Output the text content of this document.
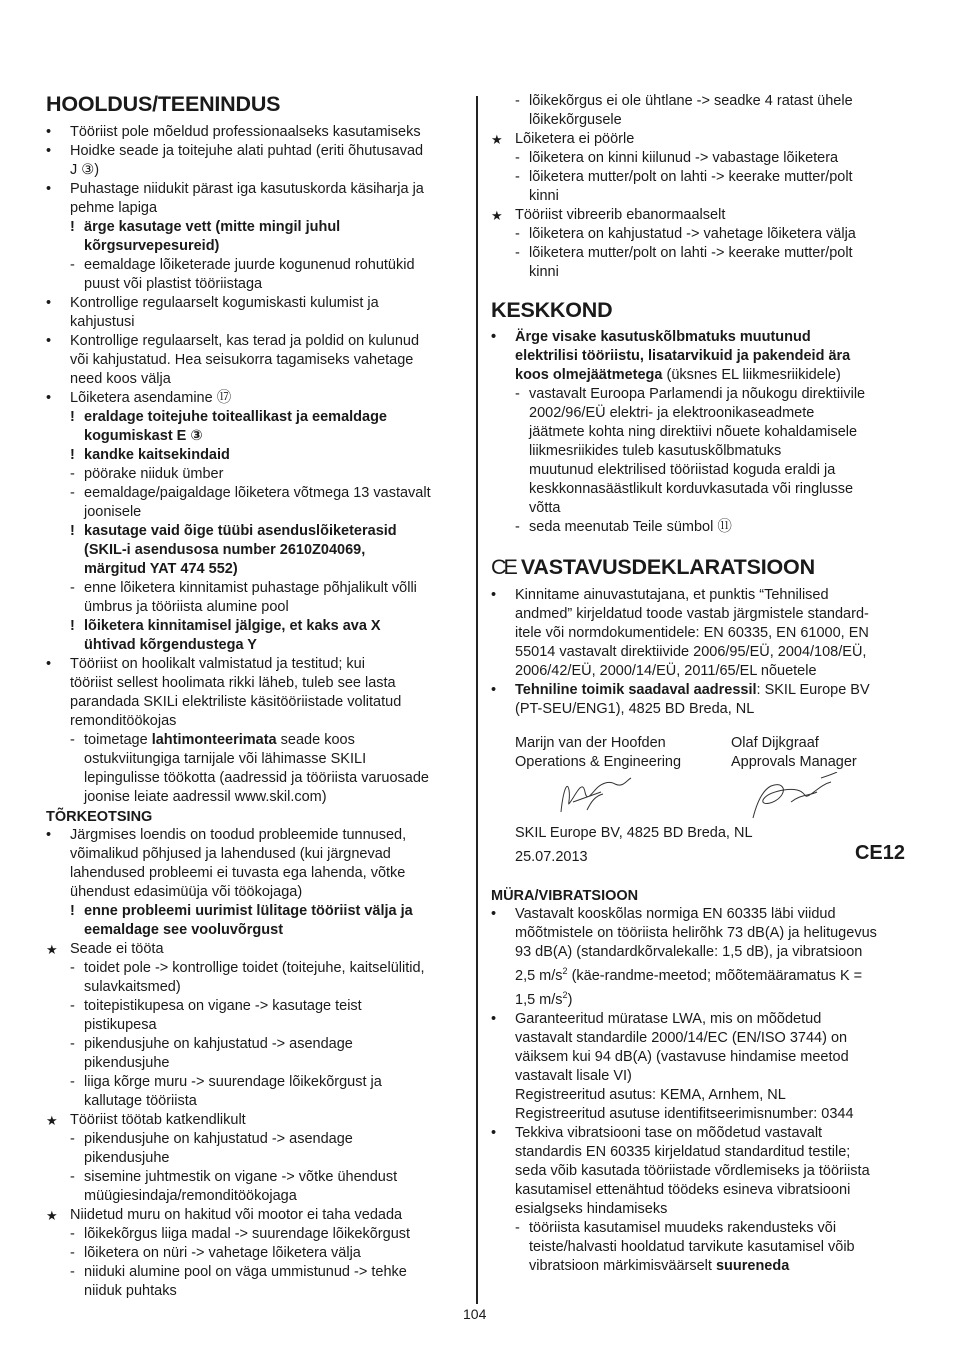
HOOLDUS/TEENINDUS
• Tööriist pole mõeldud professionaalseks kasutamiseks
• Hoidke seade ja toitejuhe alati puhtad (eriti õhutusavad
J ③)
• Puhastage niidukit pärast iga kasutuskorda käsiharja ja
pehme lapiga
! ärge kasutage vett (mitte mingil juhul
kõrgsurvepesureid)
- eemaldage lõiketerade juurde kogunenud rohutükid
puust või plastist tööriistaga
• Kontrollige regulaarselt kogumiskasti kulumist ja
kahjustusi
• Kontrollige regulaarselt, kas terad ja poldid on kulunud
või kahjustatud. Hea seisukorra tagamiseks vahetage
need koos välja
• Lõiketera asendamine ⑰
! eraldage toitejuhe toiteallikast ja eemaldage
kogumiskast E ③
! kandke kaitsekindaid
- pöörake niiduk ümber
- eemaldage/paigaldage lõiketera võtmega 13 vastavalt
joonisele
! kasutage vaid õige tüübi asenduslõiketerasid
(SKIL-i asendusosa number 2610Z04069,
märgitud YAT 474 552)
- enne lõiketera kinnitamist puhastage põhjalikult võlli
ümbrus ja tööriista alumine pool
! lõiketera kinnitamisel jälgige, et kaks ava X
ühtivad kõrgendustega Y
• Tööriist on hoolikalt valmistatud ja testitud; kui
tööriist sellest hoolimata rikki läheb, tuleb see lasta
parandada SKILi elektriliste käsitööriistade volitatud
remonditöökojas
- toimetage lahtimonteerimata seade koos
ostukviitungiga tarnijale või lähimasse SKILI
lepingulisse töökotta (aadressid ja tööriista varuosade
joonise leiate aadressil www.skil.com)
TÕRKEOTSING
• Järgmises loendis on toodud probleemide tunnused,
võimalikud põhjused ja lahendused (kui järgnevad
lahendused probleemi ei tuvasta ega lahenda, võtke
ühendust edasimüüja või töökojaga)
! enne probleemi uurimist lülitage tööriist välja ja
eemaldage see vooluvõrgust
★ Seade ei tööta
- toidet pole -> kontrollige toidet (toitejuhe, kaitselülitid,
sulavkaitsmed)
- toitepistikupesa on vigane -> kasutage teist
pistikupesa
- pikendusjuhe on kahjustatud -> asendage
pikendusjuhe
- liiga kõrge muru -> suurendage lõikekõrgust ja
kallutage tööriista
★ Tööriist töötab katkendlikult
- pikendusjuhe on kahjustatud -> asendage
pikendusjuhe
- sisemine juhtmestik on vigane -> võtke ühendust
müügiesindaja/remonditöökojaga
★ Niidetud muru on hakitud või mootor ei taha vedada
- lõikekõrgus liiga madal -> suurendage lõikekõrgust
- lõiketera on nüri -> vahetage lõiketera välja
- niiduki alumine pool on väga ummistunud -> tehke
niiduk puhtaks
- lõikekõrgus ei ole ühtlane -> seadke 4 ratast ühele
lõikekõrgusele
★ Lõiketera ei pöörle
- lõiketera on kinni kiilunud -> vabastage lõiketera
- lõiketera mutter/polt on lahti -> keerake mutter/polt
kinni
★ Tööriist vibreerib ebanormaalselt
- lõiketera on kahjustatud -> vahetage lõiketera välja
- lõiketera mutter/polt on lahti -> keerake mutter/polt
kinni
KESKKOND
• Ärge visake kasutuskõlbmatuks muutunud
elektrilisi tööriistu, lisatarvikuid ja pakendeid ära
koos olmejäätmetega (üksnes EL liikmesriikidele)
- vastavalt Euroopa Parlamendi ja nõukogu direktiivile
2002/96/EÜ elektri- ja elektroonikaseadmete
jäätmete kohta ning direktiivi nõuete kohaldamisele
liikmesriikides tuleb kasutuskõlbmatuks
muutunud elektrilised tööriistad koguda eraldi ja
keskkonnasäästlikult korduvkasutada või ringlusse
võtta
- seda meenutab Teile sümbol ⑪
CE VASTAVUSDEKLARATSIOON
• Kinnitame ainuvastutajana, et punktis “Tehnilised
andmed” kirjeldatud toode vastab järgmistele standard-
itele või normdokumentidele: EN 60335, EN 61000, EN
55014 vastavalt direktiivide 2006/95/EÜ, 2004/108/EÜ,
2006/42/EÜ, 2000/14/EÜ, 2011/65/EL nõuetele
• Tehniline toimik saadaval aadressil: SKIL Europe BV
(PT-SEU/ENG1), 4825 BD Breda, NL
Marijn van der Hoofden	Olaf Dijkgraaf
Operations & Engineering	Approvals Manager
SKIL Europe BV, 4825 BD Breda, NL
25.07.2013	CE12
MÜRA/VIBRATSIOON
• Vastavalt kooskõlas normiga EN 60335 läbi viidud
mõõtmistele on tööriista helirõhk 73 dB(A) ja helitugevus
93 dB(A) (standardkõrvalekalle: 1,5 dB), ja vibratsioon
2,5 $m/s^2$ (käe-randme-meetod; mõõtemääramatus K =
1,5 $m/s^2$)
• Garanteeritud müratase LWA, mis on mõõdetud
vastavalt standardile 2000/14/EC (EN/ISO 3744) on
väiksem kui 94 dB(A) (vastavuse hindamise meetod
vastavalt lisale VI)
Registreeritud asutus: KEMA, Arnhem, NL
Registreeritud asutuse identifitseerimisnumber: 0344
• Tekkiva vibratsiooni tase on mõõdetud vastavalt
standardis EN 60335 kirjeldatud standarditud testile;
seda võib kasutada tööriistade võrdlemiseks ja tööriista
kasutamisel ettenähtud töödeks esineva vibratsiooni
esialgseks hindamiseks
- tööriista kasutamisel muudeks rakendusteks või
teiste/halvasti hooldatud tarvikute kasutamisel võib
vibratsioon märkimisväärselt suureneda
104
